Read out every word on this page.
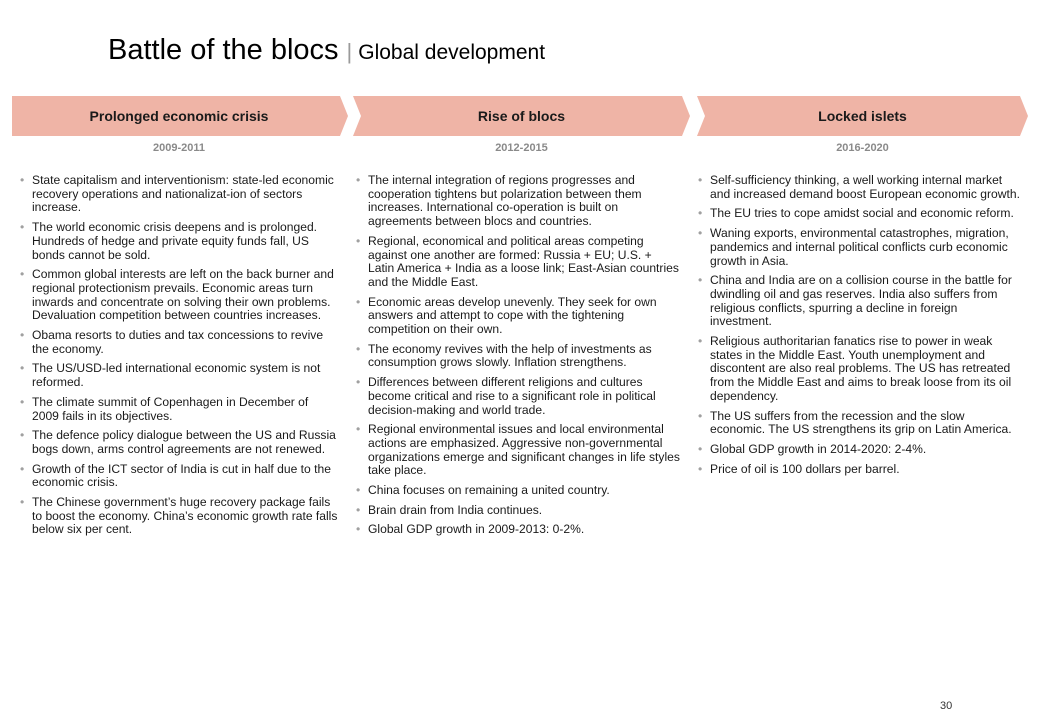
Battle of the blocs | Global development
Prolonged economic crisis	Rise of blocs	Locked islets
2009-2011	2012-2015	2016-2020
• State capitalism and interventionism: state-led economic recovery operations and nationalizat-ion of sectors increase.
• The world economic crisis deepens and is prolonged. Hundreds of hedge and private equity funds fall, US bonds cannot be sold.
• Common global interests are left on the back burner and regional protectionism prevails. Economic areas turn inwards and concentrate on solving their own problems. Devaluation competition between countries increases.
• Obama resorts to duties and tax concessions to revive the economy.
• The US/USD-led international economic system is not reformed.
• The climate summit of Copenhagen in December of 2009 fails in its objectives.
• The defence policy dialogue between the US and Russia bogs down, arms control agreements are not renewed.
• Growth of the ICT sector of India is cut in half due to the economic crisis.
• The Chinese government’s huge recovery package fails to boost the economy. China’s economic growth rate falls below six per cent.
• The internal integration of regions progresses and cooperation tightens but polarization between them increases. International co-operation is built on agreements between blocs and countries.
• Regional, economical and political areas competing against one another are formed: Russia + EU; U.S. + Latin America + India as a loose link; East-Asian countries and the Middle East.
• Economic areas develop unevenly. They seek for own answers and attempt to cope with the tightening competition on their own.
• The economy revives with the help of investments as consumption grows slowly. Inflation strengthens.
• Differences between different religions and cultures become critical and rise to a significant role in political decision-making and world trade.
• Regional environmental issues and local environmental actions are emphasized. Aggressive non-governmental organizations emerge and significant changes in life styles take place.
• China focuses on remaining a united country.
• Brain drain from India continues.
• Global GDP growth in 2009-2013: 0-2%.
• Self-sufficiency thinking, a well working internal market and increased demand boost European economic growth.
• The EU tries to cope amidst social and economic reform.
• Waning exports, environmental catastrophes, migration, pandemics and internal political conflicts curb economic growth in Asia.
• China and India are on a collision course in the battle for dwindling oil and gas reserves. India also suffers from religious conflicts, spurring a decline in foreign investment.
• Religious authoritarian fanatics rise to power in weak states in the Middle East. Youth unemployment and discontent are also real problems. The US has retreated from the Middle East and aims to break loose from its oil dependency.
• The US suffers from the recession and the slow economic. The US strengthens its grip on Latin America.
• Global GDP growth in 2014-2020: 2-4%.
• Price of oil is 100 dollars per barrel.
30
